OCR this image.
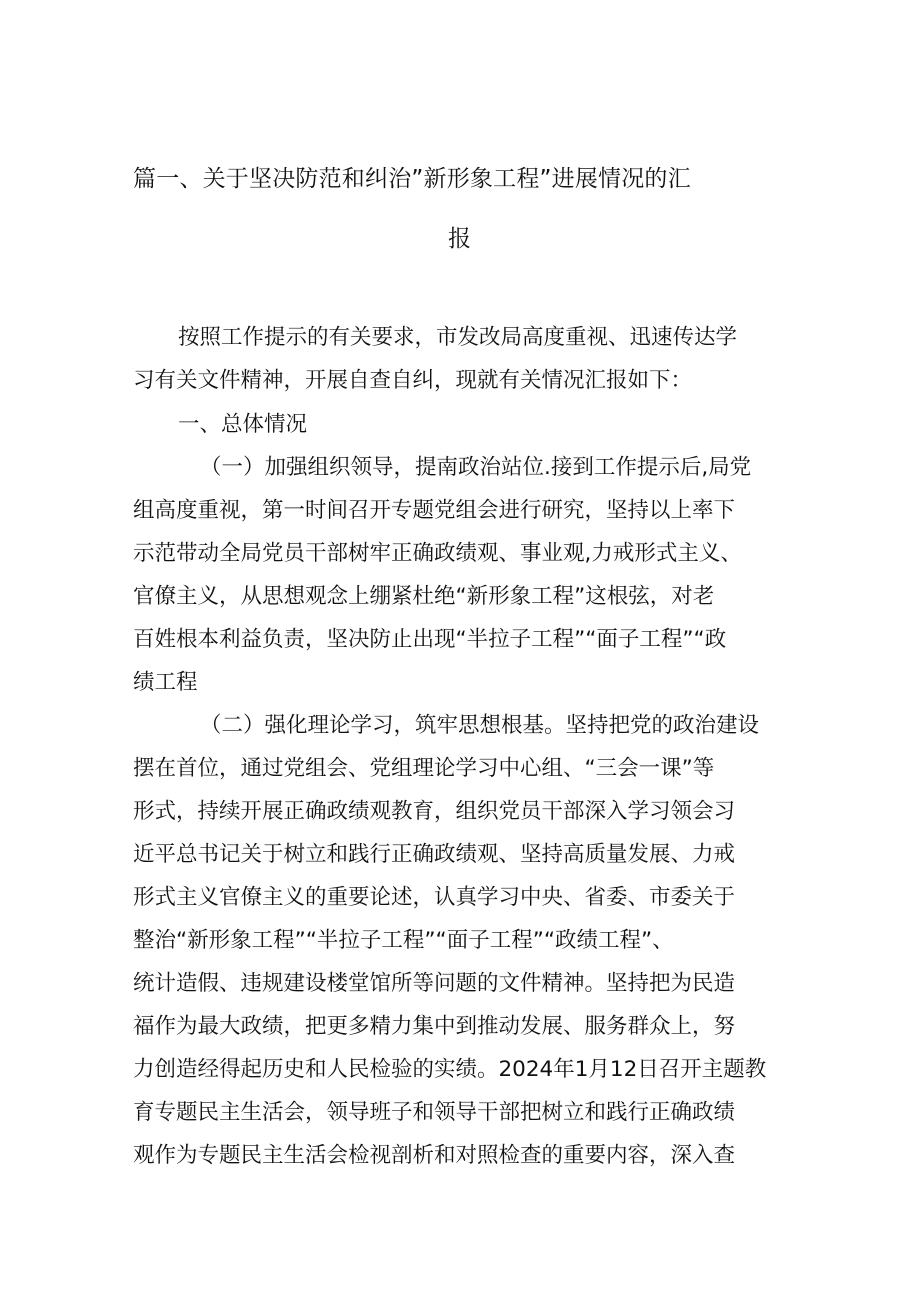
篇一、关于坚决防范和纠治”新形象工程”进展情况的汇
报
按照工作提示的有关要求，市发改局高度重视、迅速传达学
习有关文件精神，开展自查自纠，现就有关情况汇报如下：
一、总体情况
（一）加强组织领导，提南政治站位.接到工作提示后,局党
组高度重视，第一时间召开专题党组会进行研究，坚持以上率下
示范带动全局党员干部树牢正确政绩观、事业观,力戒形式主义、
官僚主义，从思想观念上绷紧杜绝“新形象工程”这根弦，对老
百姓根本利益负责，坚决防止出现“半拉子工程”“面子工程”“政
绩工程
（二）强化理论学习，筑牢思想根基。坚持把党的政治建设
摆在首位，通过党组会、党组理论学习中心组、“三会一课”等
形式，持续开展正确政绩观教育，组织党员干部深入学习领会习
近平总书记关于树立和践行正确政绩观、坚持高质量发展、力戒
形式主义官僚主义的重要论述，认真学习中央、省委、市委关于
整治“新形象工程”“半拉子工程”“面子工程”“政绩工程”、
统计造假、违规建设楼堂馆所等问题的文件精神。坚持把为民造
福作为最大政绩，把更多精力集中到推动发展、服务群众上，努
力创造经得起历史和人民检验的实绩。2024年1月12日召开主题教
育专题民主生活会，领导班子和领导干部把树立和践行正确政绩
观作为专题民主生活会检视剖析和对照检查的重要内容，深入查
